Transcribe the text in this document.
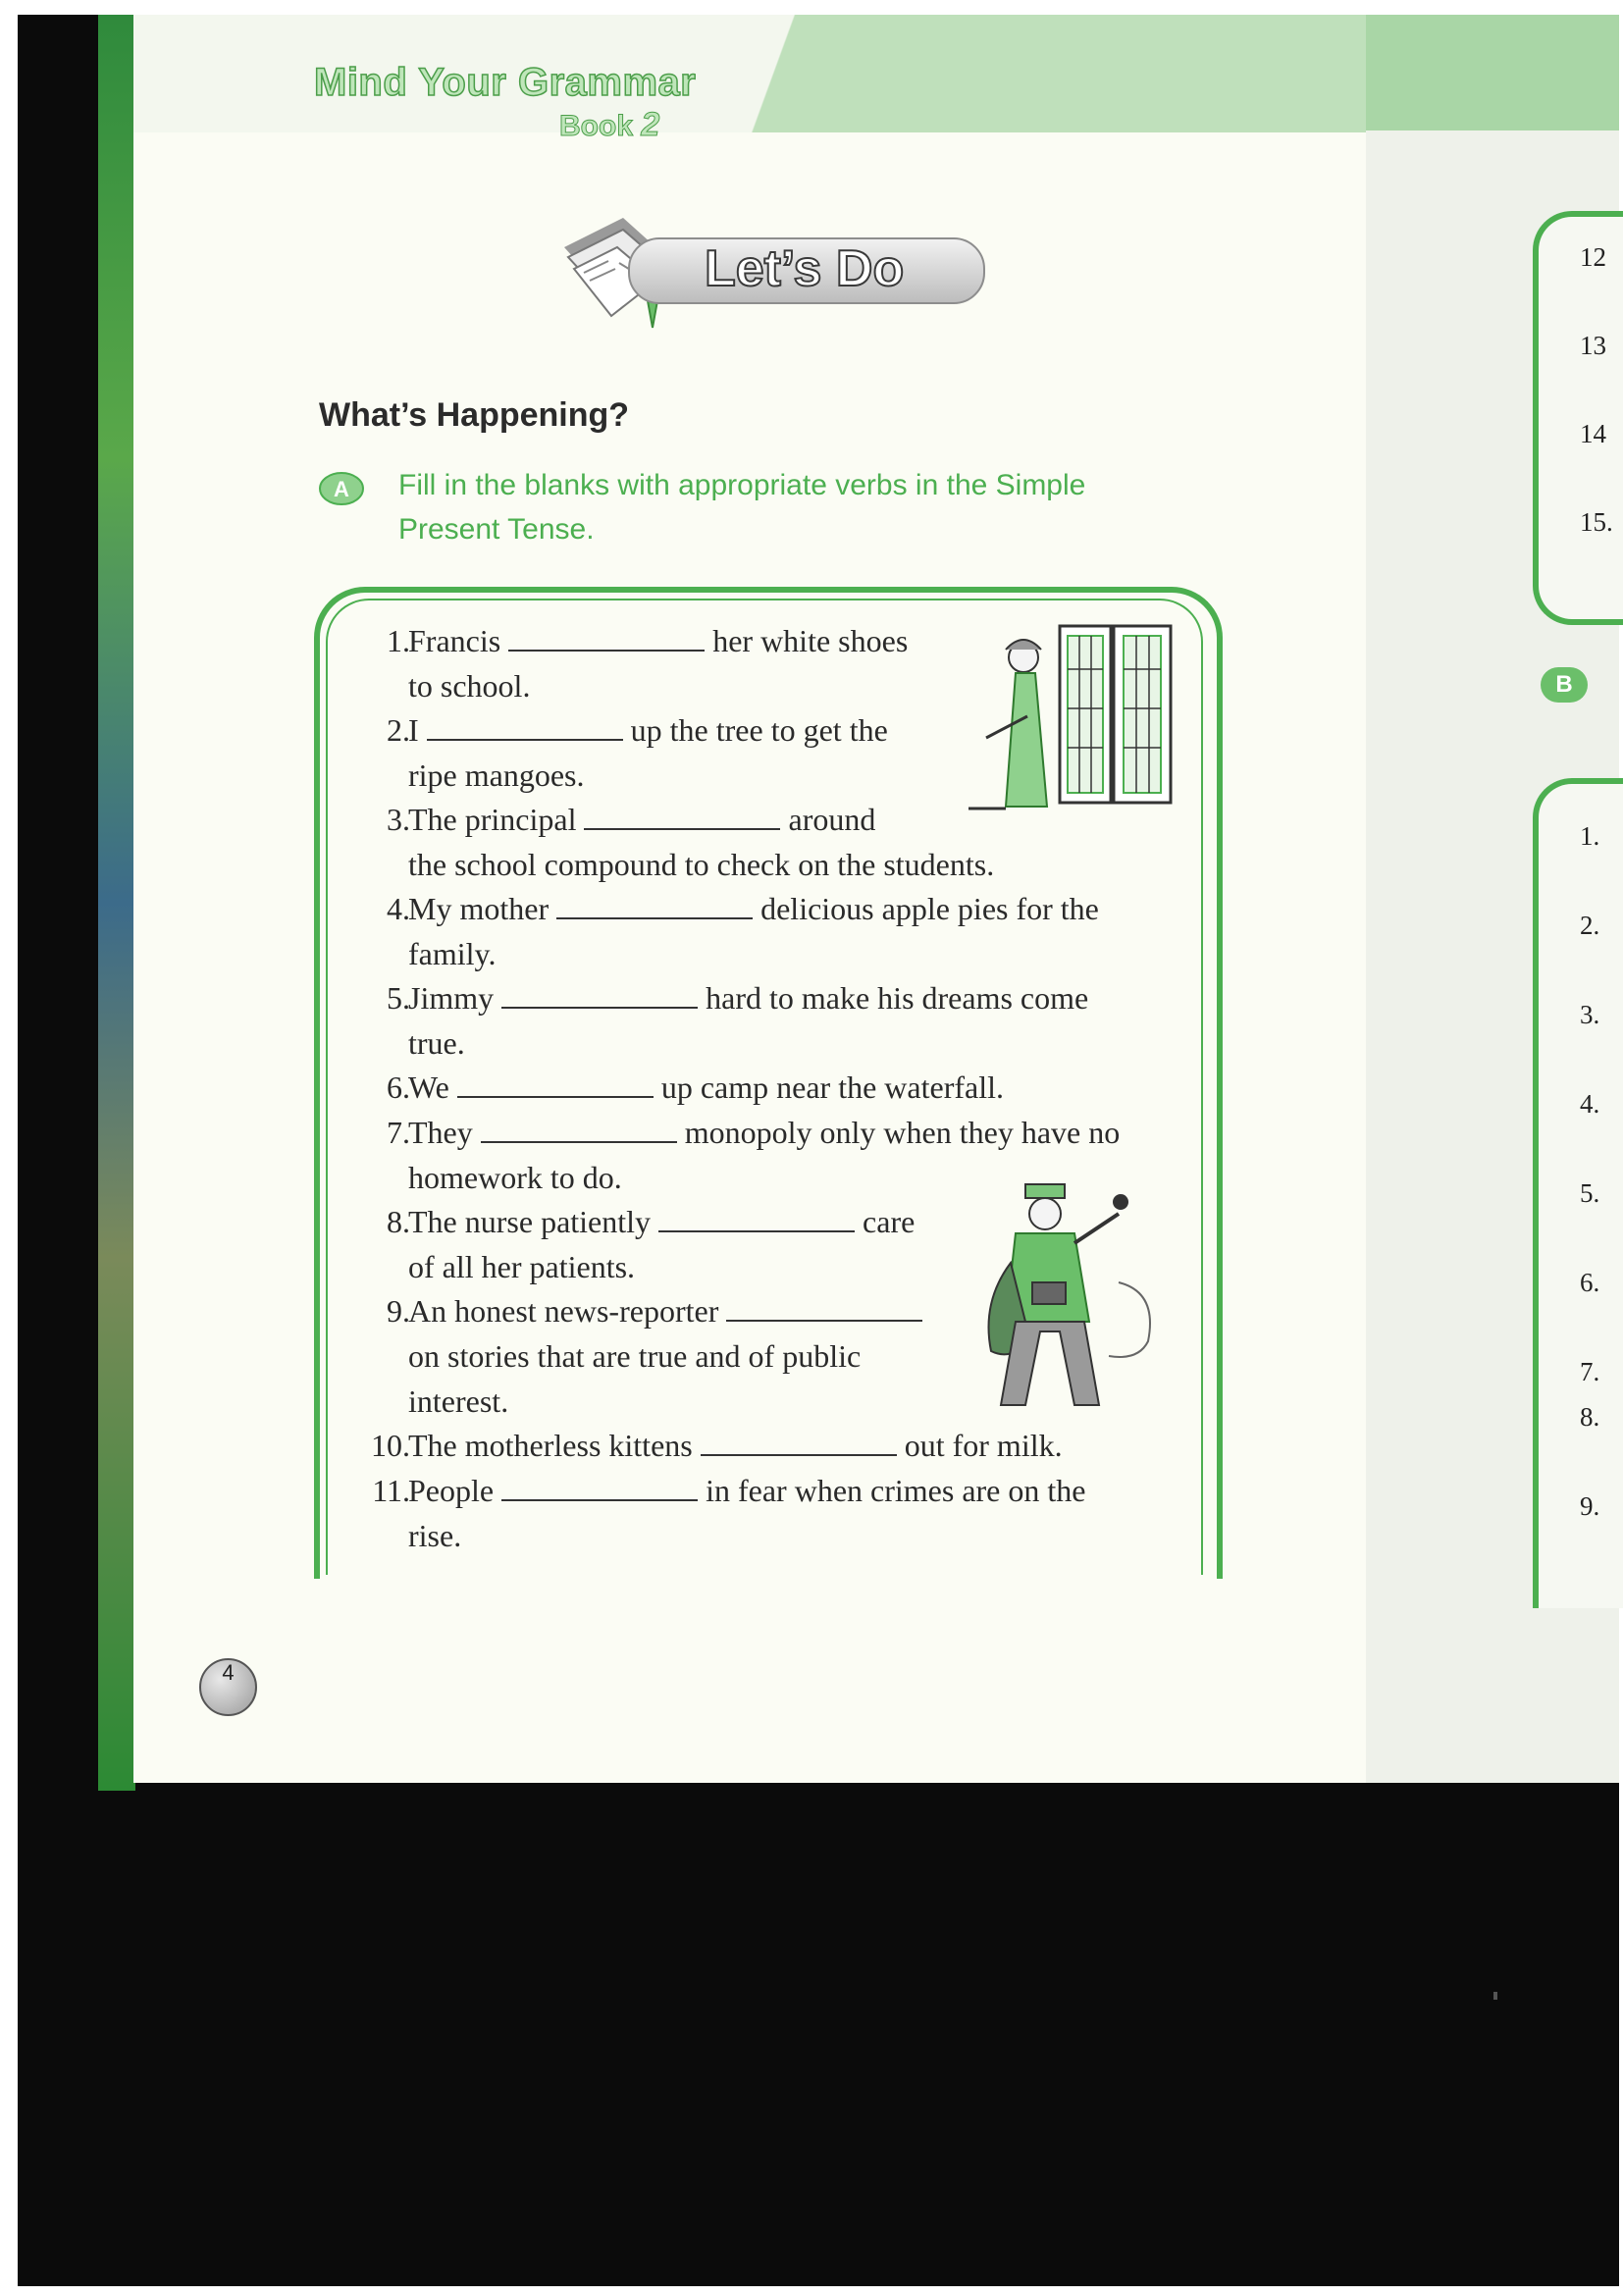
12
13
14
15.
B
1.
2.
3.
4.
5.
6.
7.
8.
9.
Mind Your Grammar
Book 2
Let’s Do
What’s Happening?
A Fill in the blanks with appropriate verbs in the Simple
Present Tense.
1.
Francis	her white shoes
to school.
2.
I	up the tree to get the
ripe mangoes.
3.
The principal	around
the school compound to check on the students.
4.
My mother	delicious apple pies for the
family.
5.
Jimmy	hard to make his dreams come
true.
6.
We	up camp near the waterfall.
7.
They	monopoly only when they have no
homework to do.
8.
The nurse patiently	care
of all her patients.
9.
An honest news-reporter
on stories that are true and of public
interest.
10.
The motherless kittens	out for milk.
11.
People	in fear when crimes are on the
rise.
4
